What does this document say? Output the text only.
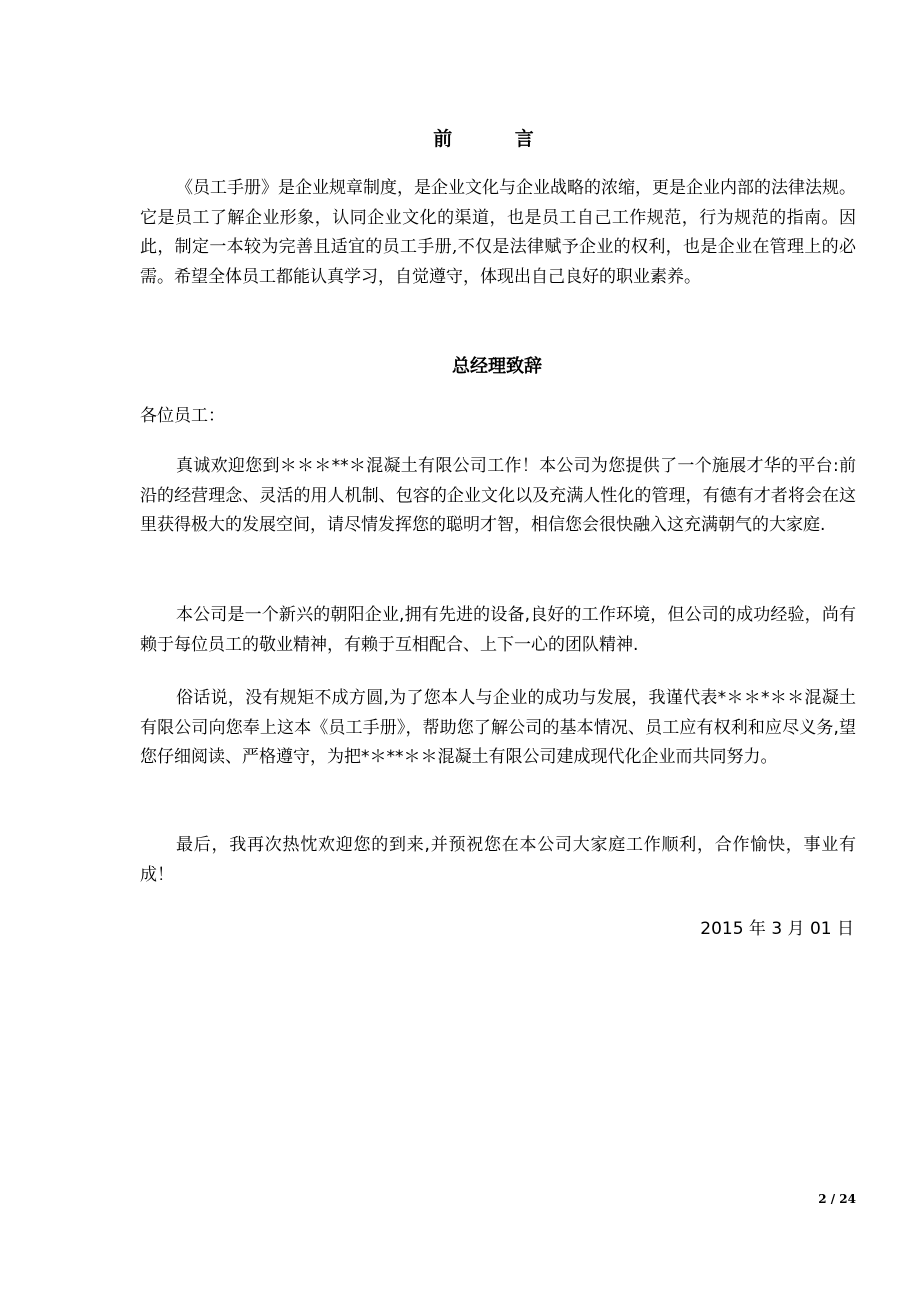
前 言

《员工手册》是企业规章制度，是企业文化与企业战略的浓缩，更是企业内部的法律法规。它是员工了解企业形象，认同企业文化的渠道，也是员工自己工作规范，行为规范的指南。因此，制定一本较为完善且适宜的员工手册,不仅是法律赋予企业的权利，也是企业在管理上的必需。希望全体员工都能认真学习，自觉遵守，体现出自己良好的职业素养。

总经理致辞

各位员工：

真诚欢迎您到＊＊＊**＊混凝土有限公司工作！本公司为您提供了一个施展才华的平台:前沿的经营理念、灵活的用人机制、包容的企业文化以及充满人性化的管理，有德有才者将会在这里获得极大的发展空间，请尽情发挥您的聪明才智，相信您会很快融入这充满朝气的大家庭.

本公司是一个新兴的朝阳企业,拥有先进的设备,良好的工作环境，但公司的成功经验，尚有赖于每位员工的敬业精神，有赖于互相配合、上下一心的团队精神.

俗话说，没有规矩不成方圆,为了您本人与企业的成功与发展，我谨代表*＊＊*＊＊混凝土有限公司向您奉上这本《员工手册》，帮助您了解公司的基本情况、员工应有权利和应尽义务,望您仔细阅读、严格遵守，为把*＊**＊＊混凝土有限公司建成现代化企业而共同努力。

最后，我再次热忱欢迎您的到来,并预祝您在本公司大家庭工作顺利，合作愉快，事业有成！

2015 年 3 月 01 日

2 / 24
